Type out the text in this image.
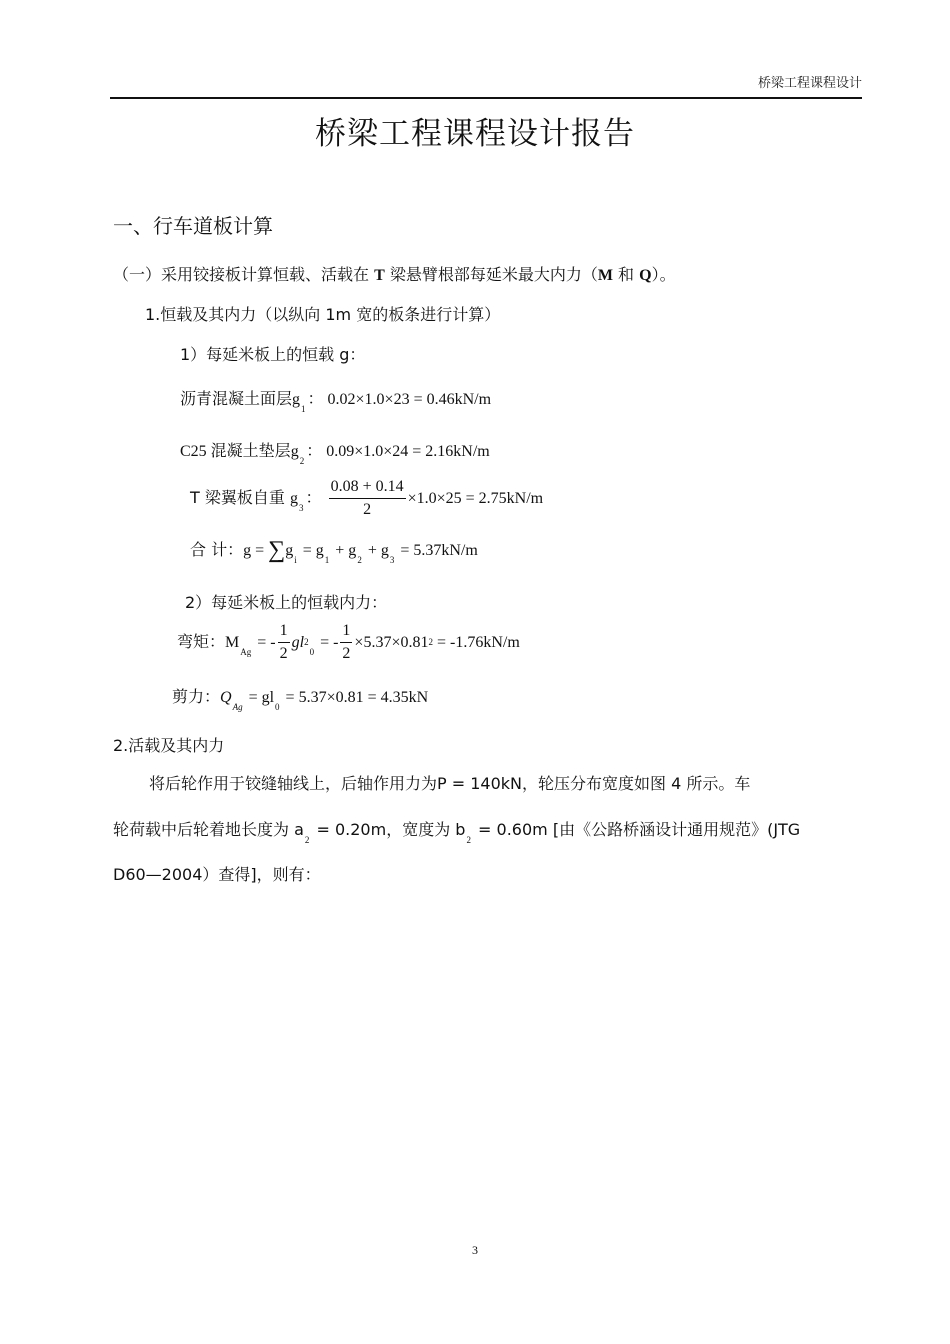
桥梁工程课程设计
桥梁工程课程设计报告
一、行车道板计算
（一）采用铰接板计算恒载、活载在 T 梁悬臂根部每延米最大内力（M 和 Q）。
1.恒载及其内力（以纵向 1m 宽的板条进行计算）
1）每延米板上的恒载 g：
沥青混凝土面层$g_1$： 0.02×1.0×23 = 0.46kN/m
C25 混凝土垫层$g_2$： 0.09×1.0×24 = 2.16kN/m
T 梁翼板自重 $g_3$： $\frac{0.08 + 0.14}{2} \times 1.0\times 25 = 2.75kN/m$
合 计：$g = \sum g_i = g_1 + g_2 + g_3 = 5.37kN/m$
2）每延米板上的恒载内力：
弯矩：$M_{Ag}$ = - $\frac{1}{2} gl2_0$ = - $\frac{1}{2} \times 5.37\times 0.812 = -1.76kN/m$
剪力：$Q_{Ag} = gl_0 = 5.37\times 0.81 = 4.35kN$
2.活载及其内力
将后轮作用于铰缝轴线上，后轴作用力为P = 140kN，轮压分布宽度如图 4 所示。车
轮荷载中后轮着地长度为 $a_2 = 0.20m$，宽度为 $b_2 = 0.60m$ [由《公路桥涵设计通用规范》(JTG
D60—2004）查得]，则有：
3
